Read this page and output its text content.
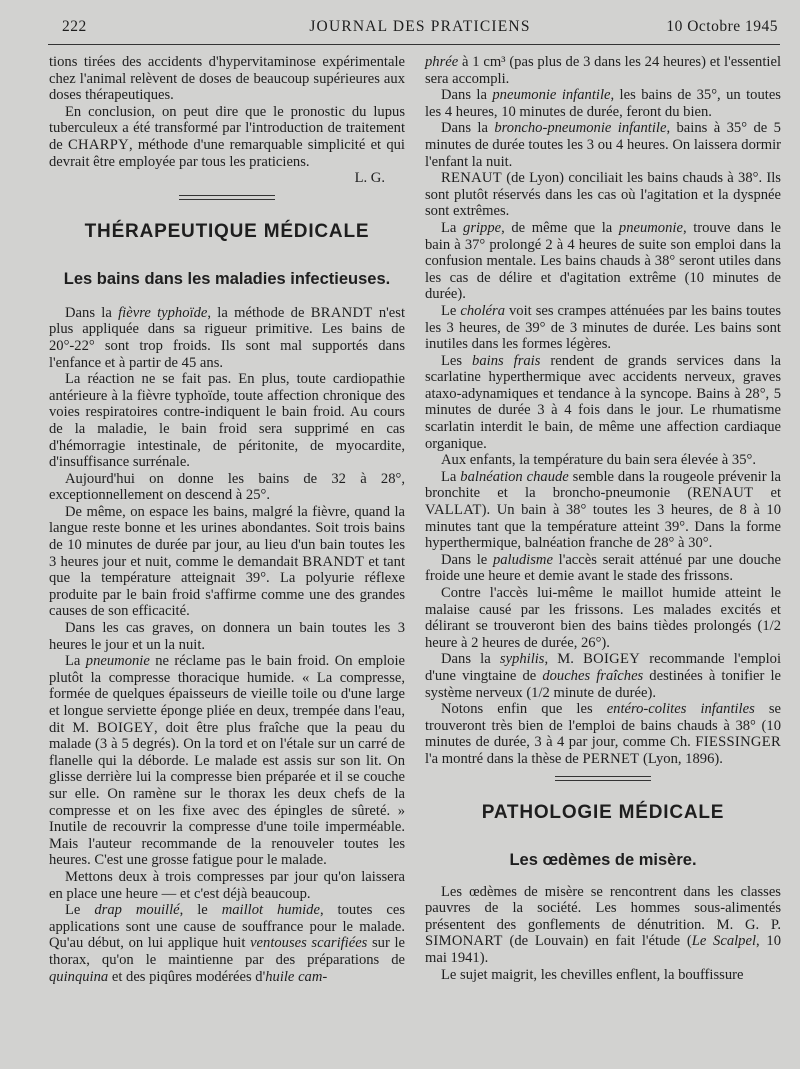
222	JOURNAL DES PRATICIENS	10 Octobre 1945

tions tirées des accidents d'hypervitaminose expérimentale chez l'animal relèvent de doses de beaucoup supérieures aux doses thérapeutiques.

En conclusion, on peut dire que le pronostic du lupus tuberculeux a été transformé par l'introduction de traitement de CHARPY, méthode d'une remarquable simplicité et qui devrait être employée par tous les praticiens.

L. G.

THÉRAPEUTIQUE MÉDICALE
Les bains dans les maladies infectieuses.

Dans la fièvre typhoïde, la méthode de BRANDT n'est plus appliquée dans sa rigueur primitive. Les bains de 20°-22° sont trop froids. Ils sont mal supportés dans l'enfance et à partir de 45 ans.

La réaction ne se fait pas. En plus, toute cardiopathie antérieure à la fièvre typhoïde, toute affection chronique des voies respiratoires contre-indiquent le bain froid. Au cours de la maladie, le bain froid sera supprimé en cas d'hémorragie intestinale, de péritonite, de myocardite, d'insuffisance surrénale.

Aujourd'hui on donne les bains de 32 à 28°, exceptionnellement on descend à 25°.

De même, on espace les bains, malgré la fièvre, quand la langue reste bonne et les urines abondantes. Soit trois bains de 10 minutes de durée par jour, au lieu d'un bain toutes les 3 heures jour et nuit, comme le demandait BRANDT et tant que la température atteignait 39°. La polyurie réflexe produite par le bain froid s'affirme comme une des grandes causes de son efficacité.

Dans les cas graves, on donnera un bain toutes les 3 heures le jour et un la nuit.

La pneumonie ne réclame pas le bain froid. On emploie plutôt la compresse thoracique humide. « La compresse, formée de quelques épaisseurs de vieille toile ou d'une large et longue serviette éponge pliée en deux, trempée dans l'eau, dit M. BOIGEY, doit être plus fraîche que la peau du malade (3 à 5 degrés). On la tord et on l'étale sur un carré de flanelle qui la déborde. Le malade est assis sur son lit. On glisse derrière lui la compresse bien préparée et il se couche sur elle. On ramène sur le thorax les deux chefs de la compresse et on les fixe avec des épingles de sûreté. » Inutile de recouvrir la compresse d'une toile imperméable. Mais l'auteur recommande de la renouveler toutes les heures. C'est une grosse fatigue pour le malade.

Mettons deux à trois compresses par jour qu'on laissera en place une heure — et c'est déjà beaucoup.

Le drap mouillé, le maillot humide, toutes ces applications sont une cause de souffrance pour le malade. Qu'au début, on lui applique huit ventouses scarifiées sur le thorax, qu'on le maintienne par des préparations de quinquina et des piqûres modérées d'huile cam-

phrée à 1 cm³ (pas plus de 3 dans les 24 heures) et l'essentiel sera accompli.

Dans la pneumonie infantile, les bains de 35°, un toutes les 4 heures, 10 minutes de durée, feront du bien.

Dans la broncho-pneumonie infantile, bains à 35° de 5 minutes de durée toutes les 3 ou 4 heures. On laissera dormir l'enfant la nuit.

RENAUT (de Lyon) conciliait les bains chauds à 38°. Ils sont plutôt réservés dans les cas où l'agitation et la dyspnée sont extrêmes.

La grippe, de même que la pneumonie, trouve dans le bain à 37° prolongé 2 à 4 heures de suite son emploi dans la confusion mentale. Les bains chauds à 38° seront utiles dans les cas de délire et d'agitation extrême (10 minutes de durée).

Le choléra voit ses crampes atténuées par les bains toutes les 3 heures, de 39° de 3 minutes de durée. Les bains sont inutiles dans les formes légères.

Les bains frais rendent de grands services dans la scarlatine hyperthermique avec accidents nerveux, graves ataxo-adynamiques et tendance à la syncope. Bains à 28°, 5 minutes de durée 3 à 4 fois dans le jour. Le rhumatisme scarlatin interdit le bain, de même une affection cardiaque organique.

Aux enfants, la température du bain sera élevée à 35°.

La balnéation chaude semble dans la rougeole prévenir la bronchite et la broncho-pneumonie (RENAUT et VALLAT). Un bain à 38° toutes les 3 heures, de 8 à 10 minutes tant que la température atteint 39°. Dans la forme hyperthermique, balnéation franche de 28° à 30°.

Dans le paludisme l'accès serait atténué par une douche froide une heure et demie avant le stade des frissons.

Contre l'accès lui-même le maillot humide atteint le malaise causé par les frissons. Les malades excités et délirant se trouveront bien des bains tièdes prolongés (1/2 heure à 2 heures de durée, 26°).

Dans la syphilis, M. BOIGEY recommande l'emploi d'une vingtaine de douches fraîches destinées à tonifier le système nerveux (1/2 minute de durée).

Notons enfin que les entéro-colites infantiles se trouveront très bien de l'emploi de bains chauds à 38° (10 minutes de durée, 3 à 4 par jour, comme Ch. FIESSINGER l'a montré dans la thèse de PERNET (Lyon, 1896).

PATHOLOGIE MÉDICALE
Les œdèmes de misère.

Les œdèmes de misère se rencontrent dans les classes pauvres de la société. Les hommes sous-alimentés présentent des gonflements de dénutrition. M. G. P. SIMONART (de Louvain) en fait l'étude (Le Scalpel, 10 mai 1941).

Le sujet maigrit, les chevilles enflent, la bouffissure
